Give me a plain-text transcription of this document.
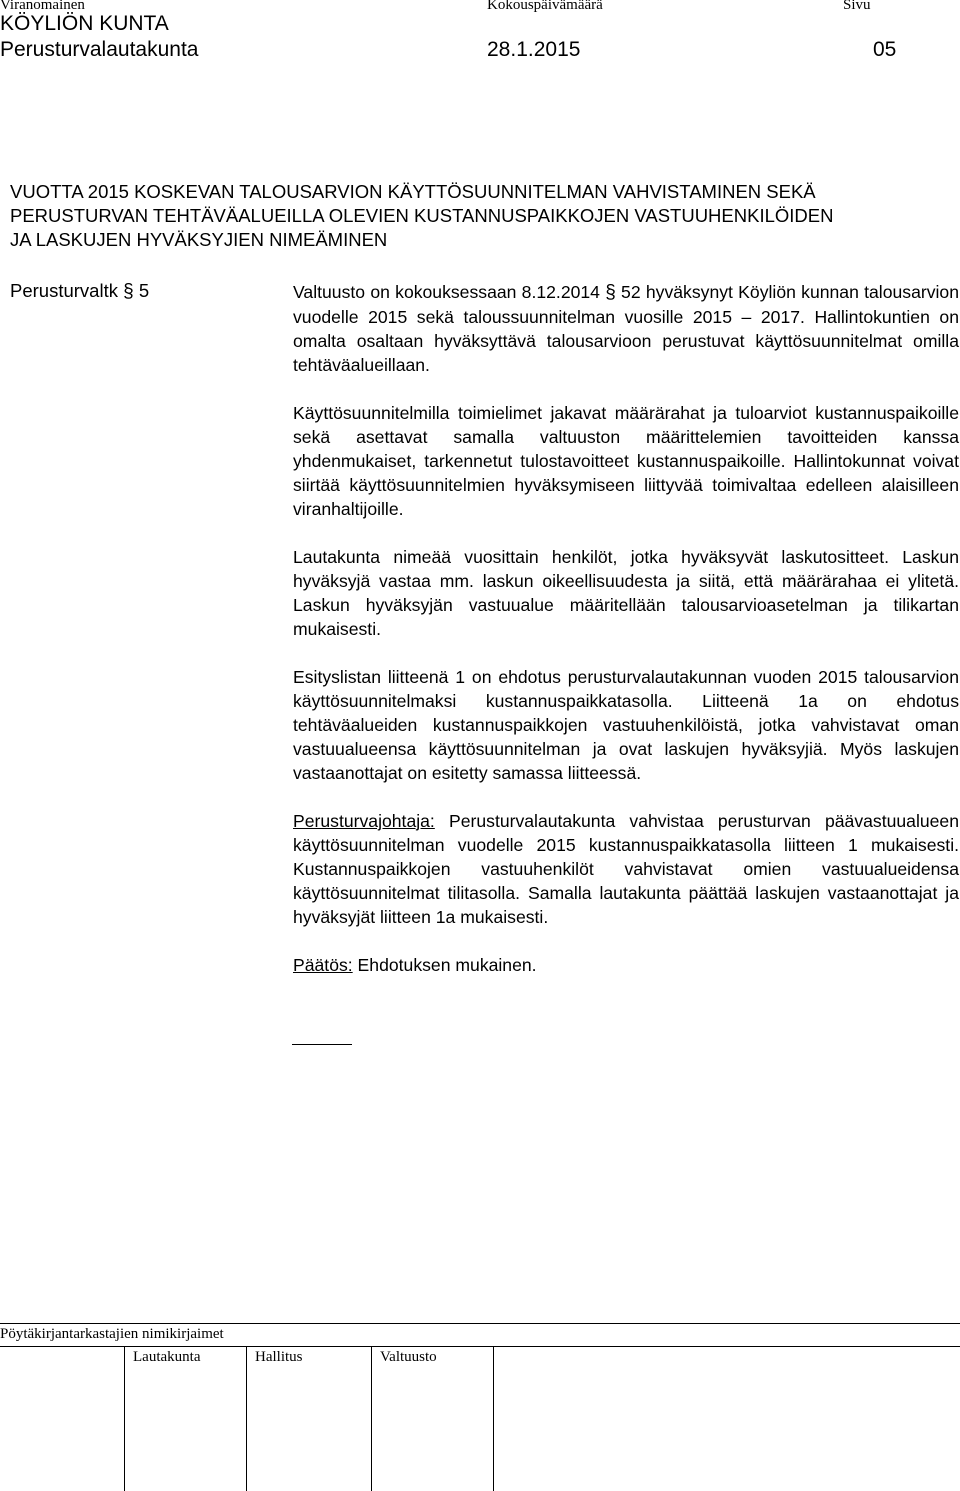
Viranomainen	Kokouspäivämäärä	Sivu
KÖYLIÖN KUNTA
Perusturvalautakunta	28.1.2015	05
VUOTTA 2015 KOSKEVAN TALOUSARVION KÄYTTÖSUUNNITELMAN VAHVISTAMINEN SEKÄ
PERUSTURVAN TEHTÄVÄALUEILLA OLEVIEN KUSTANNUSPAIKKOJEN VASTUUHENKILÖIDEN
JA LASKUJEN HYVÄKSYJIEN NIMEÄMINEN
Perusturvaltk § 5	Valtuusto on kokouksessaan 8.12.2014 § 52 hyväksynyt Köyliön kunnan talousarvion vuodelle 2015 sekä taloussuunnitelman vuosille 2015 – 2017. Hallintokuntien on omalta osaltaan hyväksyttävä talousarvioon perustuvat käyttösuunnitelmat omilla tehtäväalueillaan.

Käyttösuunnitelmilla toimielimet jakavat määrärahat ja tuloarviot kustannuspaikoille sekä asettavat samalla valtuuston määrittelemien tavoitteiden kanssa yhdenmukaiset, tarkennetut tulostavoitteet kustannuspaikoille. Hallintokunnat voivat siirtää käyttösuunnitelmien hyväksymiseen liittyvää toimivaltaa edelleen alaisilleen viranhaltijoille.

Lautakunta nimeää vuosittain henkilöt, jotka hyväksyvät laskutositteet. Laskun hyväksyjä vastaa mm. laskun oikeellisuudesta ja siitä, että määrärahaa ei ylitetä. Laskun hyväksyjän vastuualue määritellään talousarvioasetelman ja tilikartan mukaisesti.

Esityslistan liitteenä 1 on ehdotus perusturvalautakunnan vuoden 2015 talousarvion käyttösuunnitelmaksi kustannuspaikkatasolla. Liitteenä 1a on ehdotus tehtäväalueiden kustannuspaikkojen vastuuhenkilöistä, jotka vahvistavat oman vastuualueensa käyttösuunnitelman ja ovat laskujen hyväksyjiä. Myös laskujen vastaanottajat on esitetty samassa liitteessä.

Perusturvajohtaja: Perusturvalautakunta vahvistaa perusturvan päävastuualueen käyttösuunnitelman vuodelle 2015 kustannuspaikkatasolla liitteen 1 mukaisesti. Kustannuspaikkojen vastuuhenkilöt vahvistavat omien vastuualueidensa käyttösuunnitelmat tilitasolla. Samalla lautakunta päättää laskujen vastaanottajat ja hyväksyjät liitteen 1a mukaisesti.

Päätös: Ehdotuksen mukainen.

Pöytäkirjantarkastajien nimikirjaimet
Lautakunta	Hallitus	Valtuusto
